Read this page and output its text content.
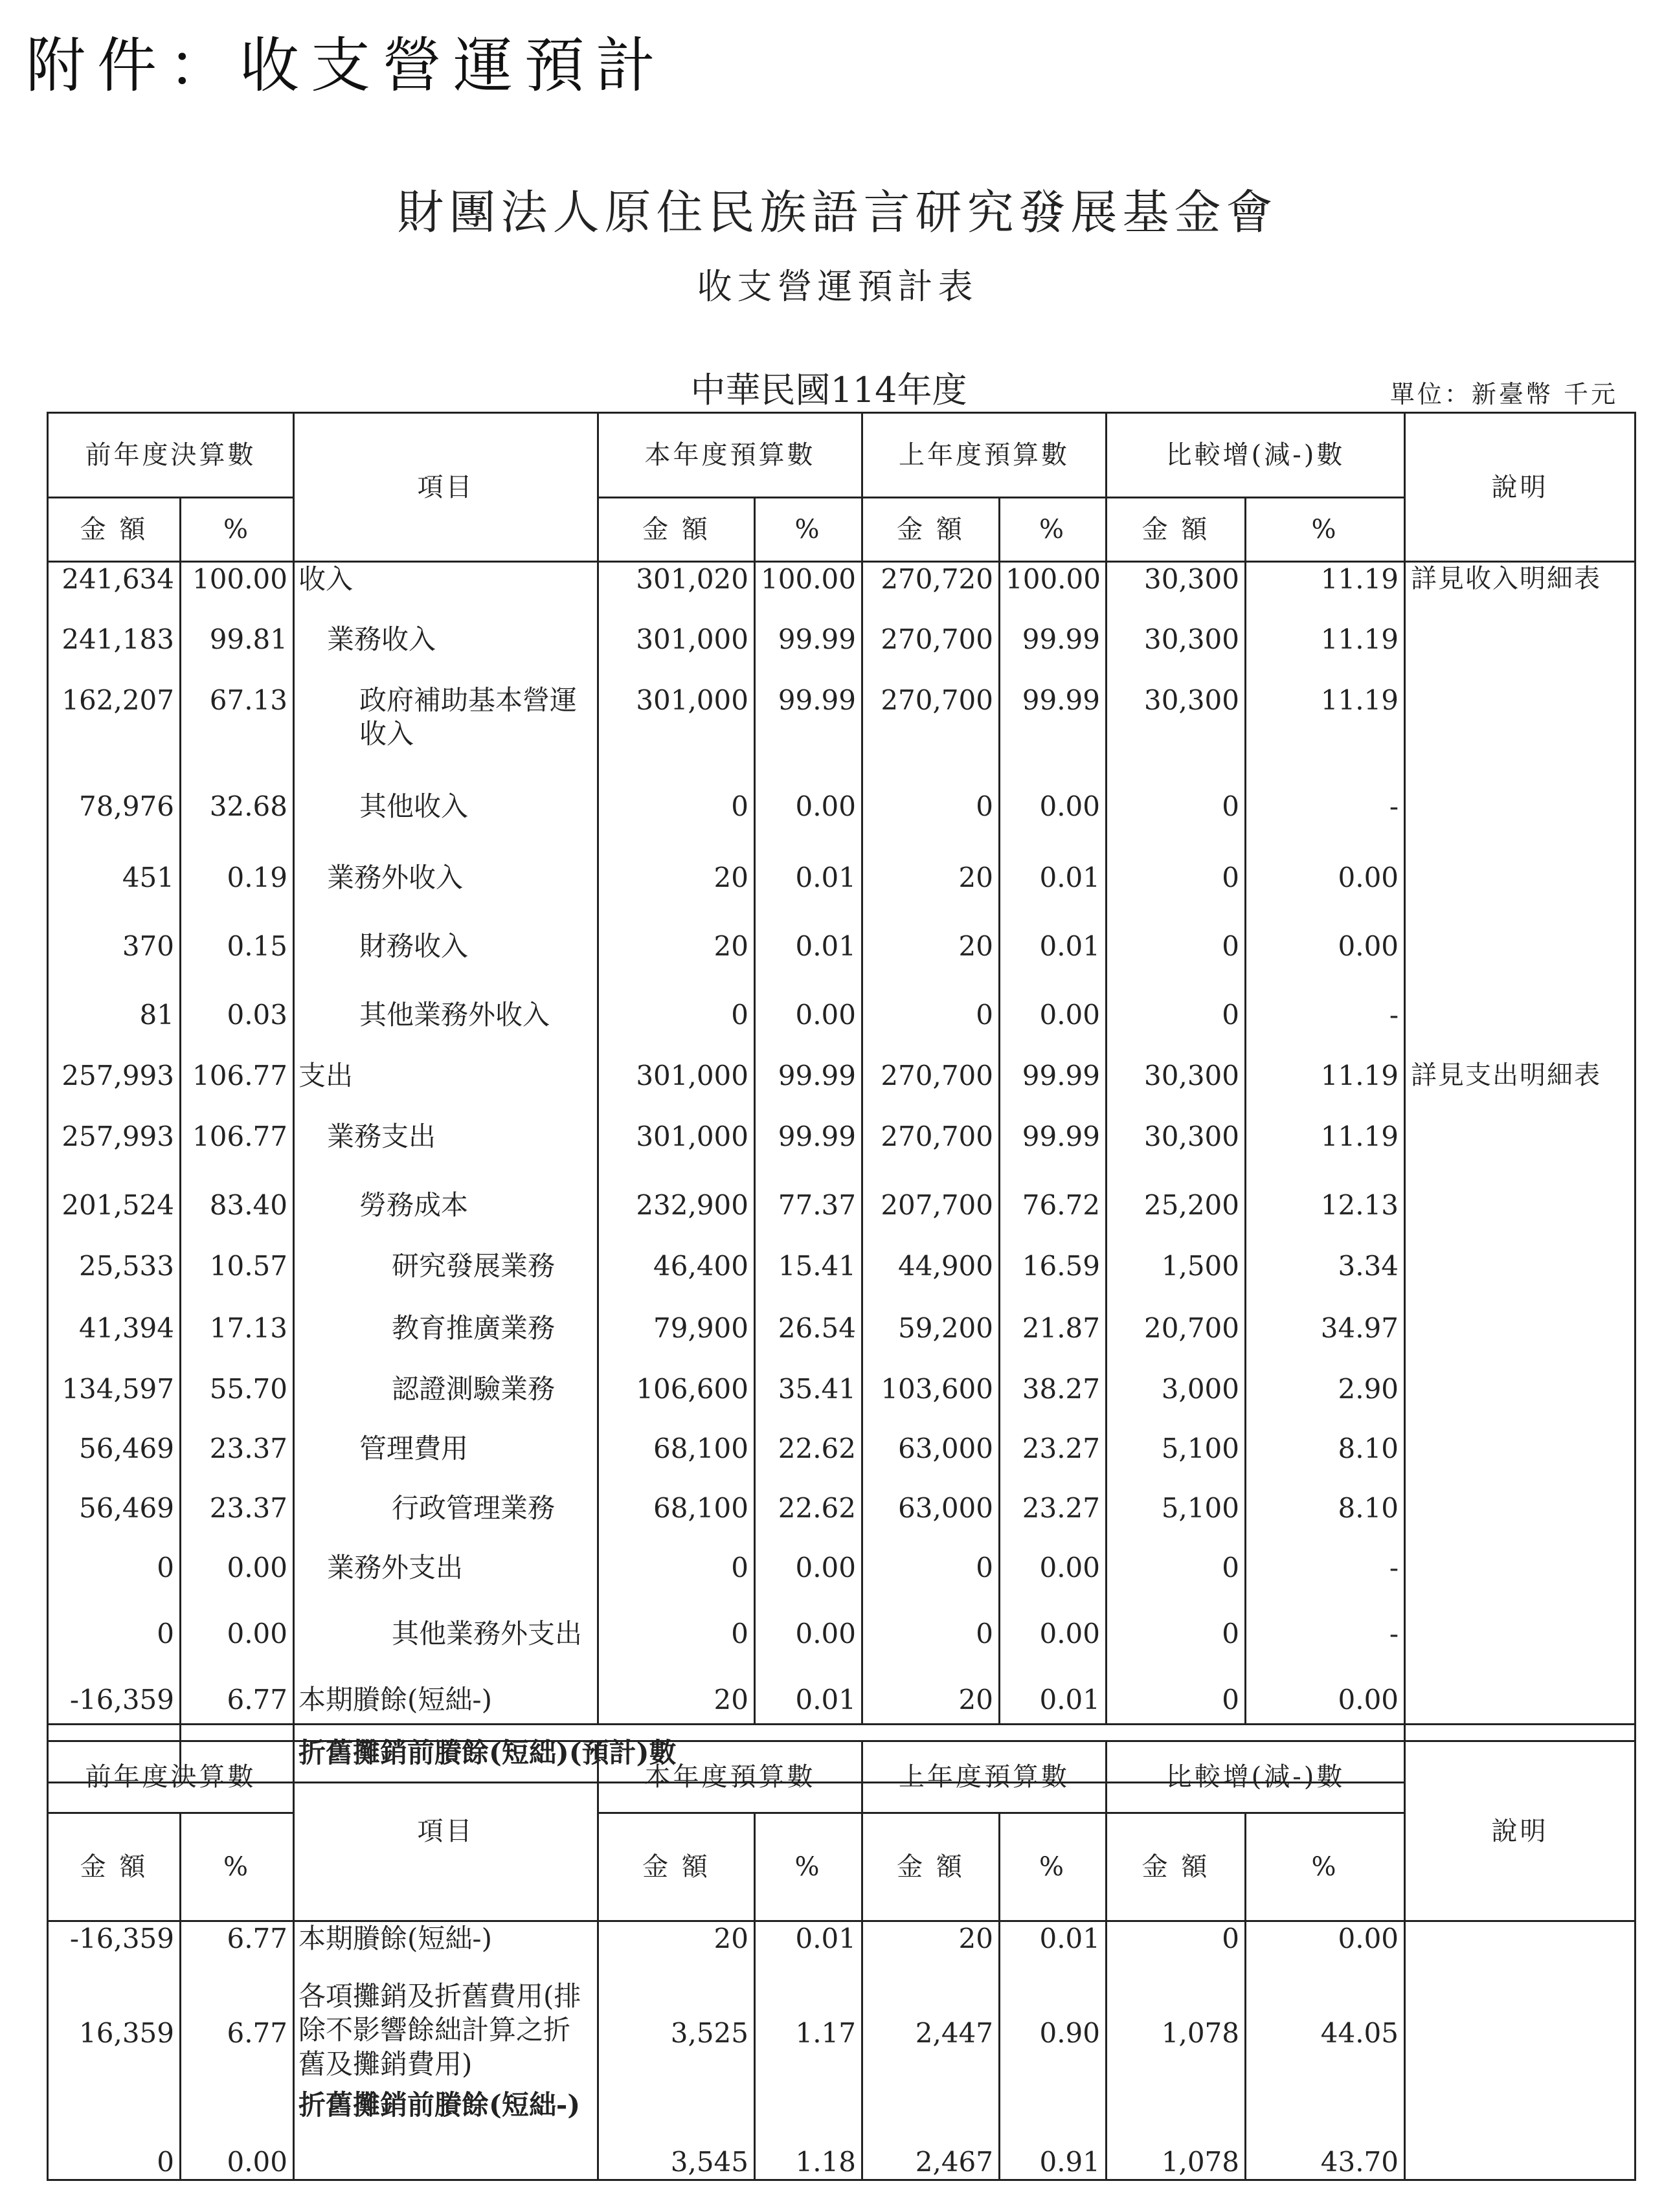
附件：收支營運預計
財團法人原住民族語言研究發展基金會
收支營運預計表
中華民國114年度	單位：新臺幣 千元
前年度決算數		項目	本年度預算數		上年度預算數		比較增(減-)數		說明
金 額	%		金 額	%	金 額	%	金 額	%	
241,634	100.00	收入	301,020	100.00	270,720	100.00	30,300	11.19	詳見收入明細表
241,183	99.81	業務收入	301,000	99.99	270,700	99.99	30,300	11.19	
162,207	67.13	政府補助基本營運收入	301,000	99.99	270,700	99.99	30,300	11.19	
78,976	32.68	其他收入	0	0.00	0	0.00	0	-	
451	0.19	業務外收入	20	0.01	20	0.01	0	0.00	
370	0.15	財務收入	20	0.01	20	0.01	0	0.00	
81	0.03	其他業務外收入	0	0.00	0	0.00	0	-	
257,993	106.77	支出	301,000	99.99	270,700	99.99	30,300	11.19	詳見支出明細表
257,993	106.77	業務支出	301,000	99.99	270,700	99.99	30,300	11.19	
201,524	83.40	勞務成本	232,900	77.37	207,700	76.72	25,200	12.13	
25,533	10.57	研究發展業務	46,400	15.41	44,900	16.59	1,500	3.34	
41,394	17.13	教育推廣業務	79,900	26.54	59,200	21.87	20,700	34.97	
134,597	55.70	認證測驗業務	106,600	35.41	103,600	38.27	3,000	2.90	
56,469	23.37	管理費用	68,100	22.62	63,000	23.27	5,100	8.10	
56,469	23.37	行政管理業務	68,100	22.62	63,000	23.27	5,100	8.10	
0	0.00	業務外支出	0	0.00	0	0.00	0	-	
0	0.00	其他業務外支出	0	0.00	0	0.00	0	-	
-16,359	6.77	本期賸餘(短絀-)	20	0.01	20	0.01	0	0.00	
		折舊攤銷前賸餘(短絀)(預計)數							
前年度決算數		項目	本年度預算數		上年度預算數		比較增(減-)數		說明
金 額	%		金 額	%	金 額	%	金 額	%	
-16,359	6.77	本期賸餘(短絀-)	20	0.01	20	0.01	0	0.00	
16,359	6.77	各項攤銷及折舊費用(排除不影響餘絀計算之折舊及攤銷費用)	3,525	1.17	2,447	0.90	1,078	44.05	
0	0.00	折舊攤銷前賸餘(短絀-)	3,545	1.18	2,467	0.91	1,078	43.70	
